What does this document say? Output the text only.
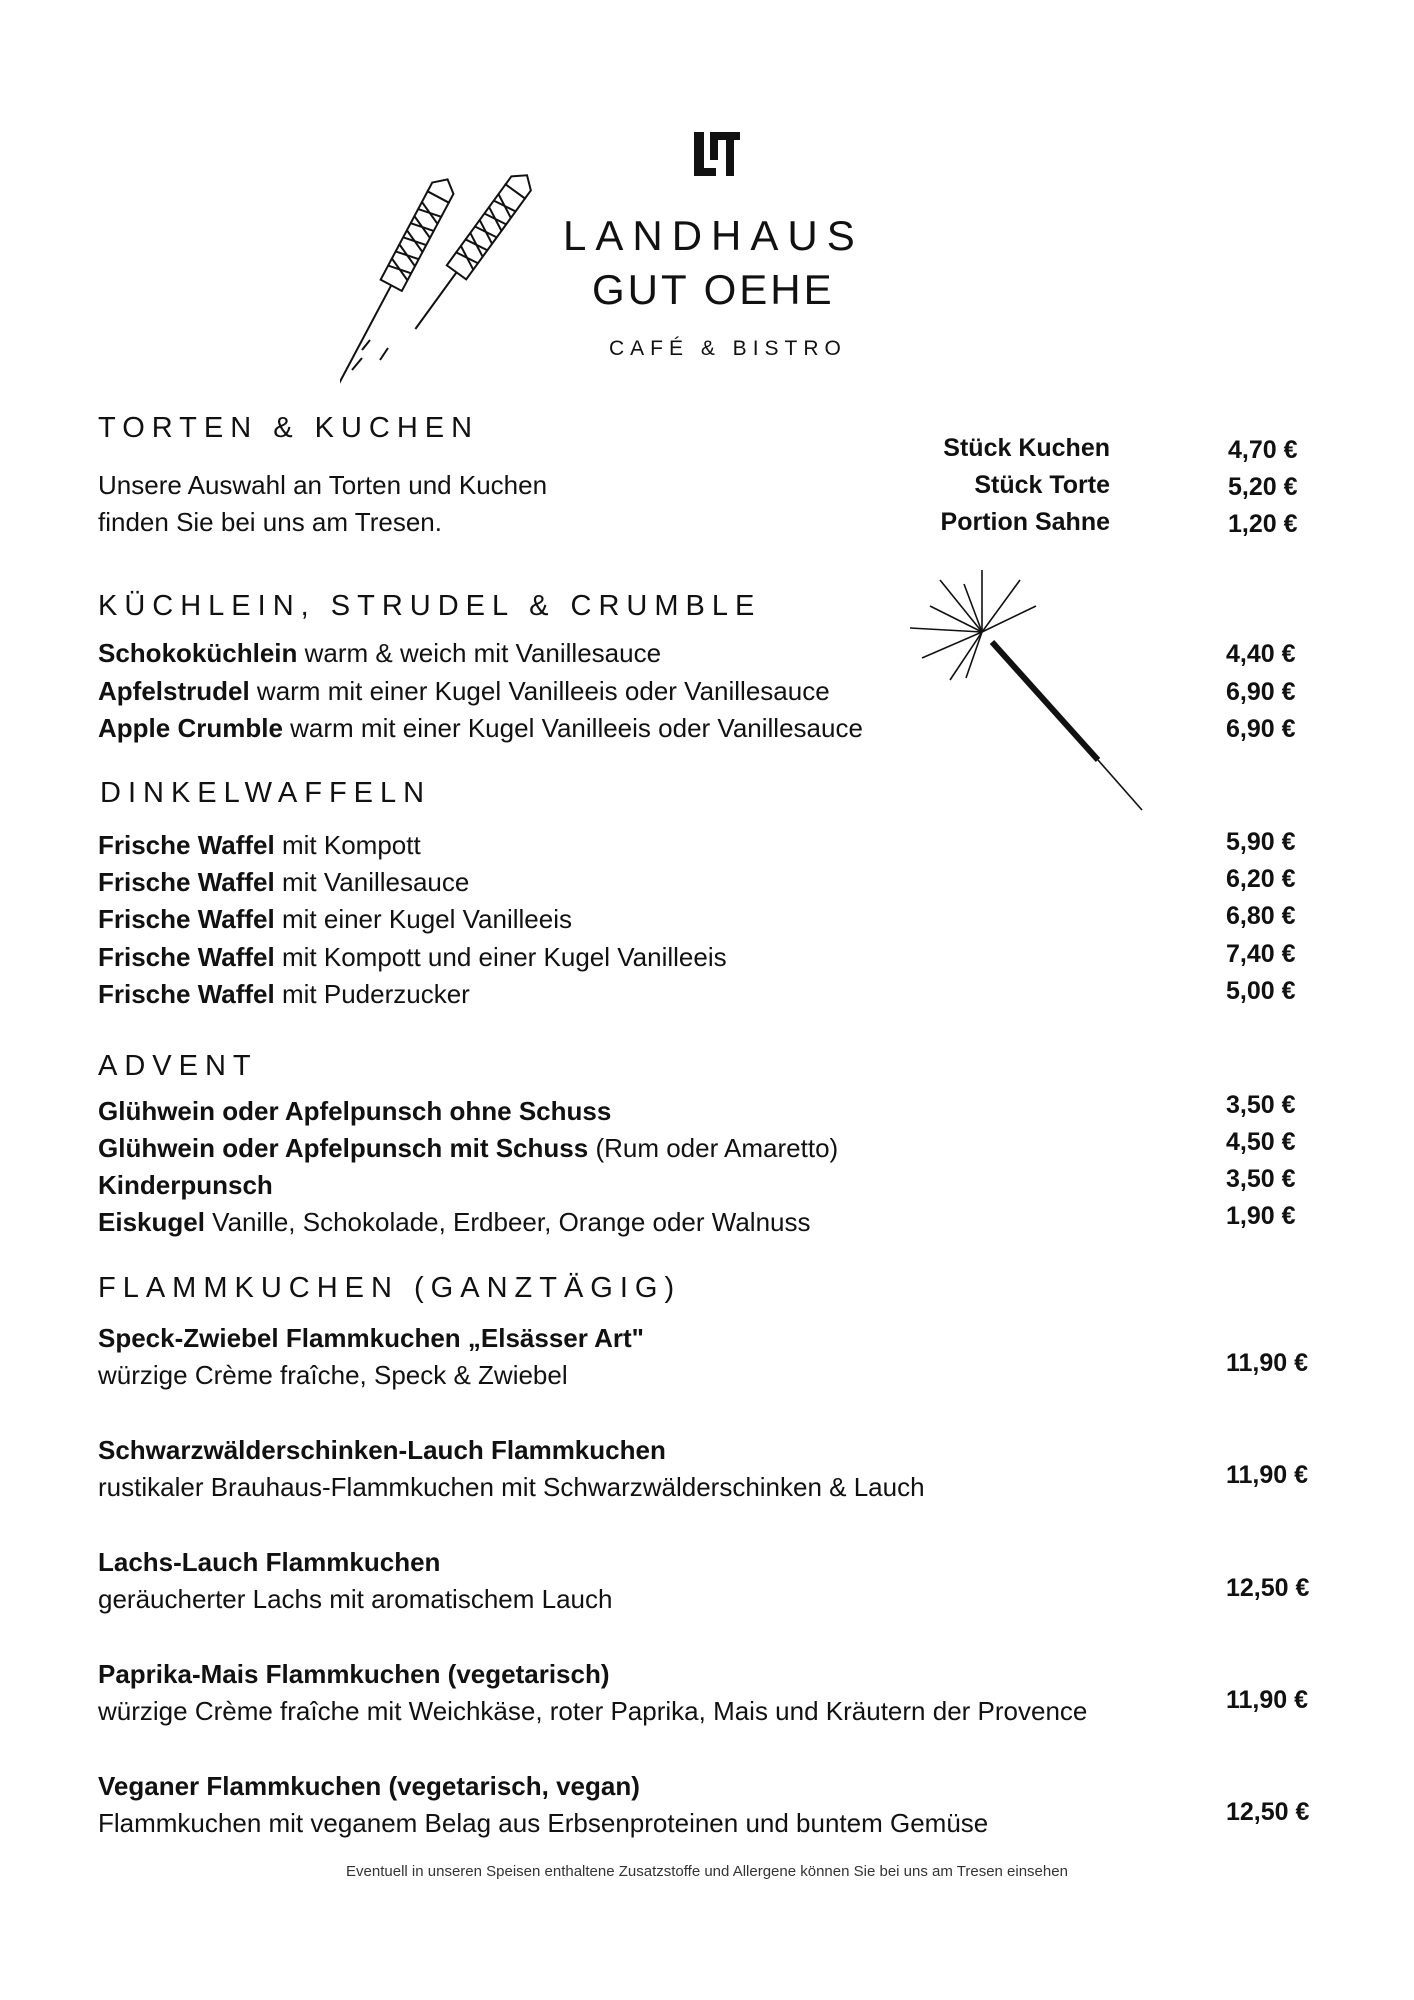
LANDHAUS
GUT OEHE
CAFÉ & BISTRO
TORTEN & KUCHEN
Unsere Auswahl an Torten und Kuchen
finden Sie bei uns am Tresen.
Stück Kuchen	4,70 €
Stück Torte	5,20 €
Portion Sahne	1,20 €
KÜCHLEIN, STRUDEL & CRUMBLE
Schokoküchlein warm & weich mit Vanillesauce	4,40 €
Apfelstrudel warm mit einer Kugel Vanilleeis oder Vanillesauce	6,90 €
Apple Crumble warm mit einer Kugel Vanilleeis oder Vanillesauce	6,90 €
DINKELWAFFELN
Frische Waffel mit Kompott	5,90 €
Frische Waffel mit Vanillesauce	6,20 €
Frische Waffel mit einer Kugel Vanilleeis	6,80 €
Frische Waffel mit Kompott und einer Kugel Vanilleeis	7,40 €
Frische Waffel mit Puderzucker	5,00 €
ADVENT
Glühwein oder Apfelpunsch ohne Schuss	3,50 €
Glühwein oder Apfelpunsch mit Schuss (Rum oder Amaretto)	4,50 €
Kinderpunsch	3,50 €
Eiskugel Vanille, Schokolade, Erdbeer, Orange oder Walnuss	1,90 €
FLAMMKUCHEN (GANZTÄGIG)
Speck-Zwiebel Flammkuchen „Elsässer Art"
würzige Crème fraîche, Speck & Zwiebel	11,90 €
Schwarzwälderschinken-Lauch Flammkuchen
rustikaler Brauhaus-Flammkuchen mit Schwarzwälderschinken & Lauch	11,90 €
Lachs-Lauch Flammkuchen
geräucherter Lachs mit aromatischem Lauch	12,50 €
Paprika-Mais Flammkuchen (vegetarisch)
würzige Crème fraîche mit Weichkäse, roter Paprika, Mais und Kräutern der Provence	11,90 €
Veganer Flammkuchen (vegetarisch, vegan)
Flammkuchen mit veganem Belag aus Erbsenproteinen und buntem Gemüse	12,50 €
Eventuell in unseren Speisen enthaltene Zusatzstoffe und Allergene können Sie bei uns am Tresen einsehen
